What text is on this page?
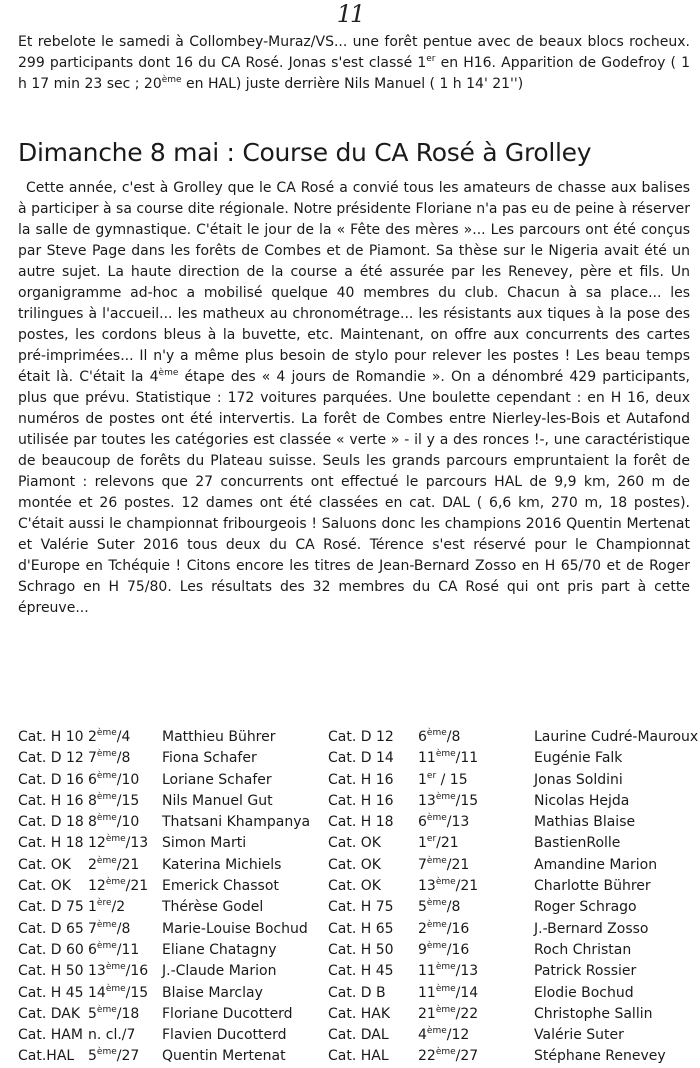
11

Et rebelote le samedi à Collombey-Muraz/VS... une forêt pentue avec de beaux blocs rocheux. 299 participants dont 16 du CA Rosé. Jonas s'est classé 1er en H16. Apparition de Godefroy ( 1 h 17 min 23 sec ; 20ème en HAL) juste derrière Nils Manuel ( 1 h 14' 21'')

Dimanche 8 mai : Course du CA Rosé à Grolley

Cette année, c'est à Grolley que le CA Rosé a convié tous les amateurs de chasse aux balises à participer à sa course dite régionale. Notre présidente Floriane n'a pas eu de peine à réserver la salle de gymnastique. C'était le jour de la « Fête des mères »... Les parcours ont été conçus par Steve Page dans les forêts de Combes et de Piamont. Sa thèse sur le Nigeria avait été un autre sujet. La haute direction de la course a été assurée par les Renevey, père et fils. Un organigramme ad-hoc a mobilisé quelque 40 membres du club. Chacun à sa place... les trilingues à l'accueil... les matheux au chronométrage... les résistants aux tiques à la pose des postes, les cordons bleus à la buvette, etc. Maintenant, on offre aux concurrents des cartes pré-imprimées... Il n'y a même plus besoin de stylo pour relever les postes ! Les beau temps était là. C'était la 4ème étape des « 4 jours de Romandie ». On a dénombré 429 participants, plus que prévu. Statistique : 172 voitures parquées. Une boulette cependant : en H 16, deux numéros de postes ont été intervertis. La forêt de Combes entre Nierley-les-Bois et Autafond utilisée par toutes les catégories est classée « verte » - il y a des ronces !-, une caractéristique de beaucoup de forêts du Plateau suisse. Seuls les grands parcours empruntaient la forêt de Piamont : relevons que 27 concurrents ont effectué le parcours HAL de 9,9 km, 260 m de montée et 26 postes. 12 dames ont été classées en cat. DAL ( 6,6 km, 270 m, 18 postes). C'était aussi le championnat fribourgeois ! Saluons donc les champions 2016 Quentin Mertenat et Valérie Suter 2016 tous deux du CA Rosé. Térence s'est réservé pour le Championnat d'Europe en Tchéquie ! Citons encore les titres de Jean-Bernard Zosso en H 65/70 et de Roger Schrago en H 75/80. Les résultats des 32 membres du CA Rosé qui ont pris part à cette épreuve...

Cat. H 10 2ème/4 Matthieu Bührer	Cat. D 12 6ème/8	Laurine Cudré-Mauroux
Cat. D 12 7ème/8 Fiona Schafer	Cat. D 14 11ème/11	Eugénie Falk
Cat. D 16 6ème/10 Loriane Schafer	Cat. H 16 1er / 15	Jonas Soldini
Cat. H 16 8ème/15 Nils Manuel Gut	Cat. H 16 13ème/15	Nicolas Hejda
Cat. D 18 8ème/10 Thatsani Khampanya Cat. H 18 6ème/13	Mathias Blaise
Cat. H 18 12ème/13 Simon Marti	Cat. OK	1er/21	BastienRolle
Cat. OK 2ème/21 Katerina Michiels	Cat. OK	7ème/21	Amandine Marion
Cat. OK 12ème/21 Emerick Chassot	Cat. OK	13ème/21	Charlotte Bührer
Cat. D 75 1ère/2	Thérèse Godel	Cat. H 75 5ème/8	Roger Schrago
Cat. D 65 7ème/8 Marie-Louise Bochud Cat. H 65 2ème/16	J.-Bernard Zosso
Cat. D 60 6ème/11 Eliane Chatagny	Cat. H 50 9ème/16	Roch Christan
Cat. H 50 13ème/16 J.-Claude Marion	Cat. H 45 11ème/13	Patrick Rossier
Cat. H 45 14ème/15 Blaise Marclay	Cat. D B 11ème/14	Elodie Bochud
Cat. DAK 5ème/18 Floriane Ducotterd	Cat. HAK 21ème/22	Christophe Sallin
Cat. HAM n. cl./7 Flavien Ducotterd	Cat. DAL 4ème/12	Valérie Suter
Cat.HAL 5ème/27 Quentin Mertenat	Cat. HAL 22ème/27	Stéphane Renevey
